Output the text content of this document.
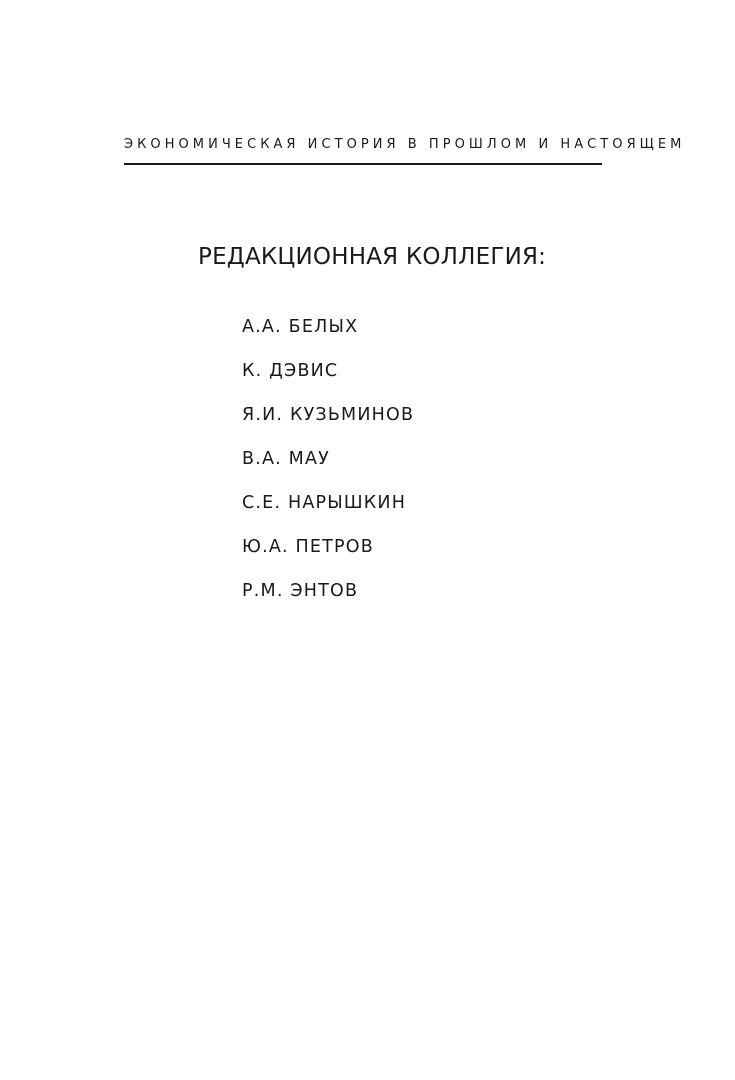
ЭКОНОМИЧЕСКАЯ ИСТОРИЯ В ПРОШЛОМ И НАСТОЯЩЕМ
РЕДАКЦИОННАЯ КОЛЛЕГИЯ:
А.А. БЕЛЫХ
К. ДЭВИС
Я.И. КУЗЬМИНОВ
В.А. МАУ
С.Е. НАРЫШКИН
Ю.А. ПЕТРОВ
Р.М. ЭНТОВ
